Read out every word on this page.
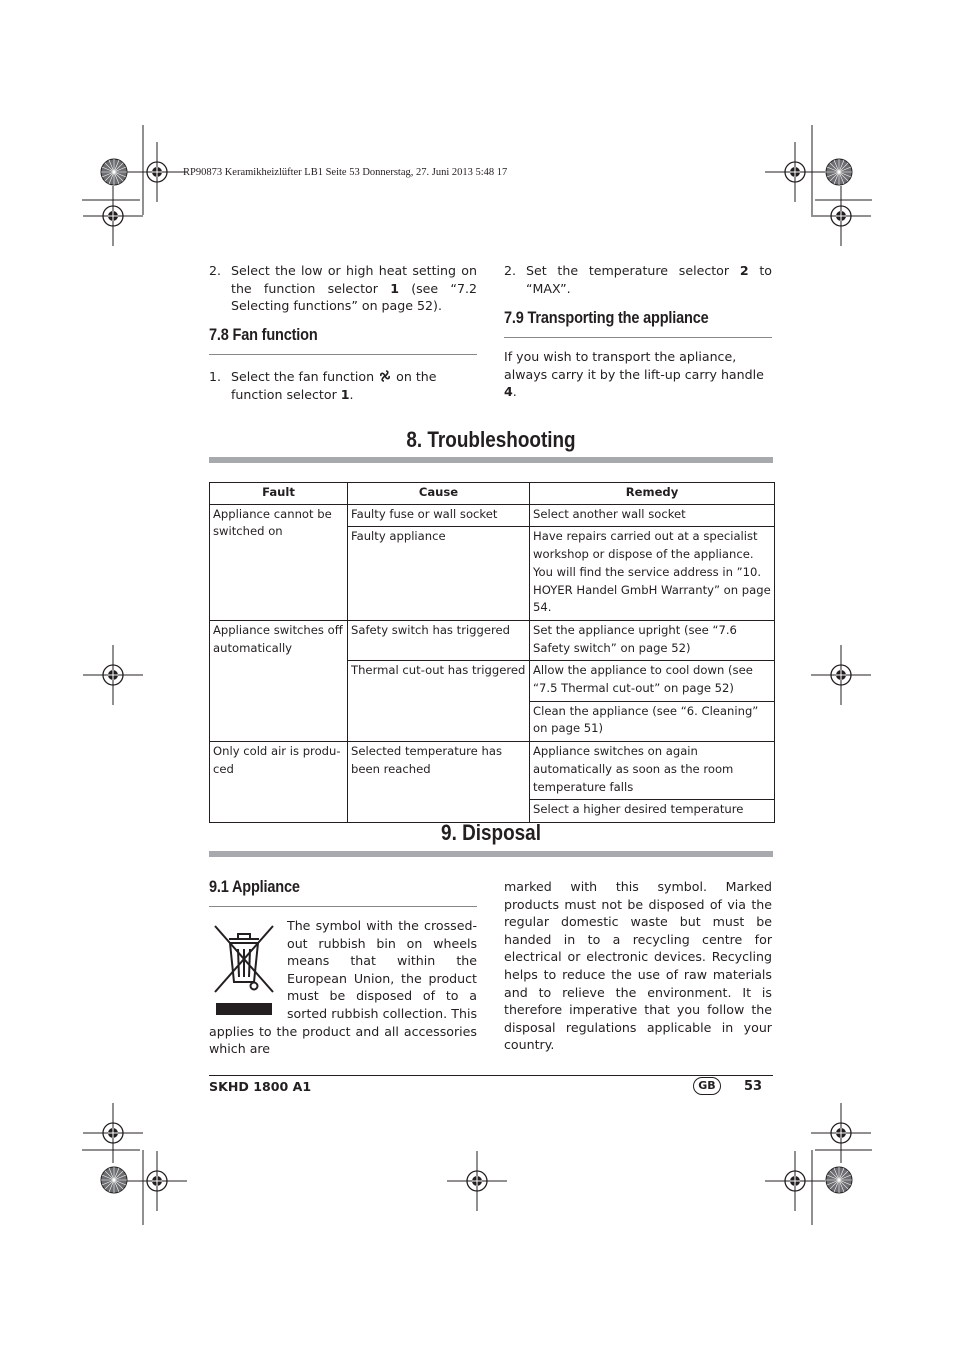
RP90873 Keramikheizlüfter LB1 Seite 53 Donnerstag, 27. Juni 2013 5:48 17
2. Select the low or high heat setting on the function selector 1 (see “7.2 Selecting functions” on page 52).
7.8 Fan function
1. Select the fan function  on the function selector 1.
2. Set the temperature selector 2 to “MAX”.
7.9 Transporting the appliance
If you wish to transport the apliance, always carry it by the lift-up carry handle 4.
8. Troubleshooting
Fault	Cause	Remedy
Appliance cannot be switched on	Faulty fuse or wall socket	Select another wall socket
	Faulty appliance	Have repairs carried out at a specialist workshop or dispose of the appliance. You will find the service address in ”10. HOYER Handel GmbH Warranty” on page 54.
Appliance switches off automatically	Safety switch has triggered	Set the appliance upright (see “7.6 Safety switch” on page 52)
	Thermal cut-out has triggered	Allow the appliance to cool down (see “7.5 Thermal cut-out” on page 52)
		Clean the appliance (see “6. Cleaning” on page 51)
Only cold air is produ-ced	Selected temperature has been reached	Appliance switches on again automatically as soon as the room temperature falls
		Select a higher desired temperature
9. Disposal
9.1 Appliance
The symbol with the crossed-out rubbish bin on wheels means that within the European Union, the product must be disposed of to a sorted rubbish collection. This applies to the product and all accessories which are
marked with this symbol. Marked products must not be disposed of via the regular domestic waste but must be handed in to a recycling centre for electrical or electronic devices. Recycling helps to reduce the use of raw materials and to relieve the environment. It is therefore imperative that you follow the disposal regulations applicable in your country.
SKHD 1800 A1	GB	53
